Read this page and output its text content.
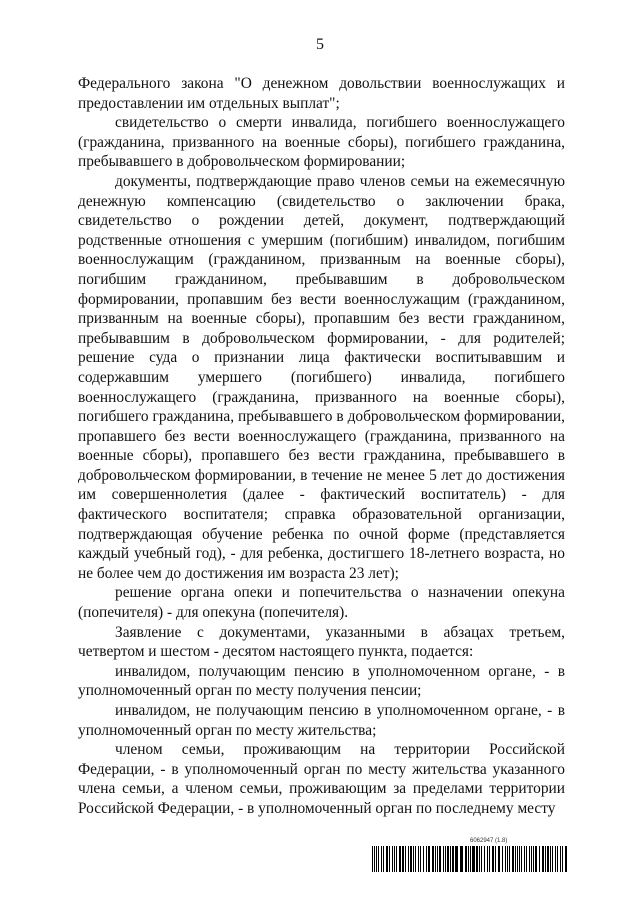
5

Федерального закона "О денежном довольствии военнослужащих и предоставлении им отдельных выплат";

свидетельство о смерти инвалида, погибшего военнослужащего (гражданина, призванного на военные сборы), погибшего гражданина, пребывавшего в добровольческом формировании;

документы, подтверждающие право членов семьи на ежемесячную денежную компенсацию (свидетельство о заключении брака, свидетельство о рождении детей, документ, подтверждающий родственные отношения с умершим (погибшим) инвалидом, погибшим военнослужащим (гражданином, призванным на военные сборы), погибшим гражданином, пребывавшим в добровольческом формировании, пропавшим без вести военнослужащим (гражданином, призванным на военные сборы), пропавшим без вести гражданином, пребывавшим в добровольческом формировании, - для родителей; решение суда о признании лица фактически воспитывавшим и содержавшим умершего (погибшего) инвалида, погибшего военнослужащего (гражданина, призванного на военные сборы), погибшего гражданина, пребывавшего в добровольческом формировании, пропавшего без вести военнослужащего (гражданина, призванного на военные сборы), пропавшего без вести гражданина, пребывавшего в добровольческом формировании, в течение не менее 5 лет до достижения им совершеннолетия (далее - фактический воспитатель) - для фактического воспитателя; справка образовательной организации, подтверждающая обучение ребенка по очной форме (представляется каждый учебный год), - для ребенка, достигшего 18-летнего возраста, но не более чем до достижения им возраста 23 лет);

решение органа опеки и попечительства о назначении опекуна (попечителя) - для опекуна (попечителя).

Заявление с документами, указанными в абзацах третьем, четвертом и шестом - десятом настоящего пункта, подается:

инвалидом, получающим пенсию в уполномоченном органе, - в уполномоченный орган по месту получения пенсии;

инвалидом, не получающим пенсию в уполномоченном органе, - в уполномоченный орган по месту жительства;

членом семьи, проживающим на территории Российской Федерации, - в уполномоченный орган по месту жительства указанного члена семьи, а членом семьи, проживающим за пределами территории Российской Федерации, - в уполномоченный орган по последнему месту

6062947 (1.8)
